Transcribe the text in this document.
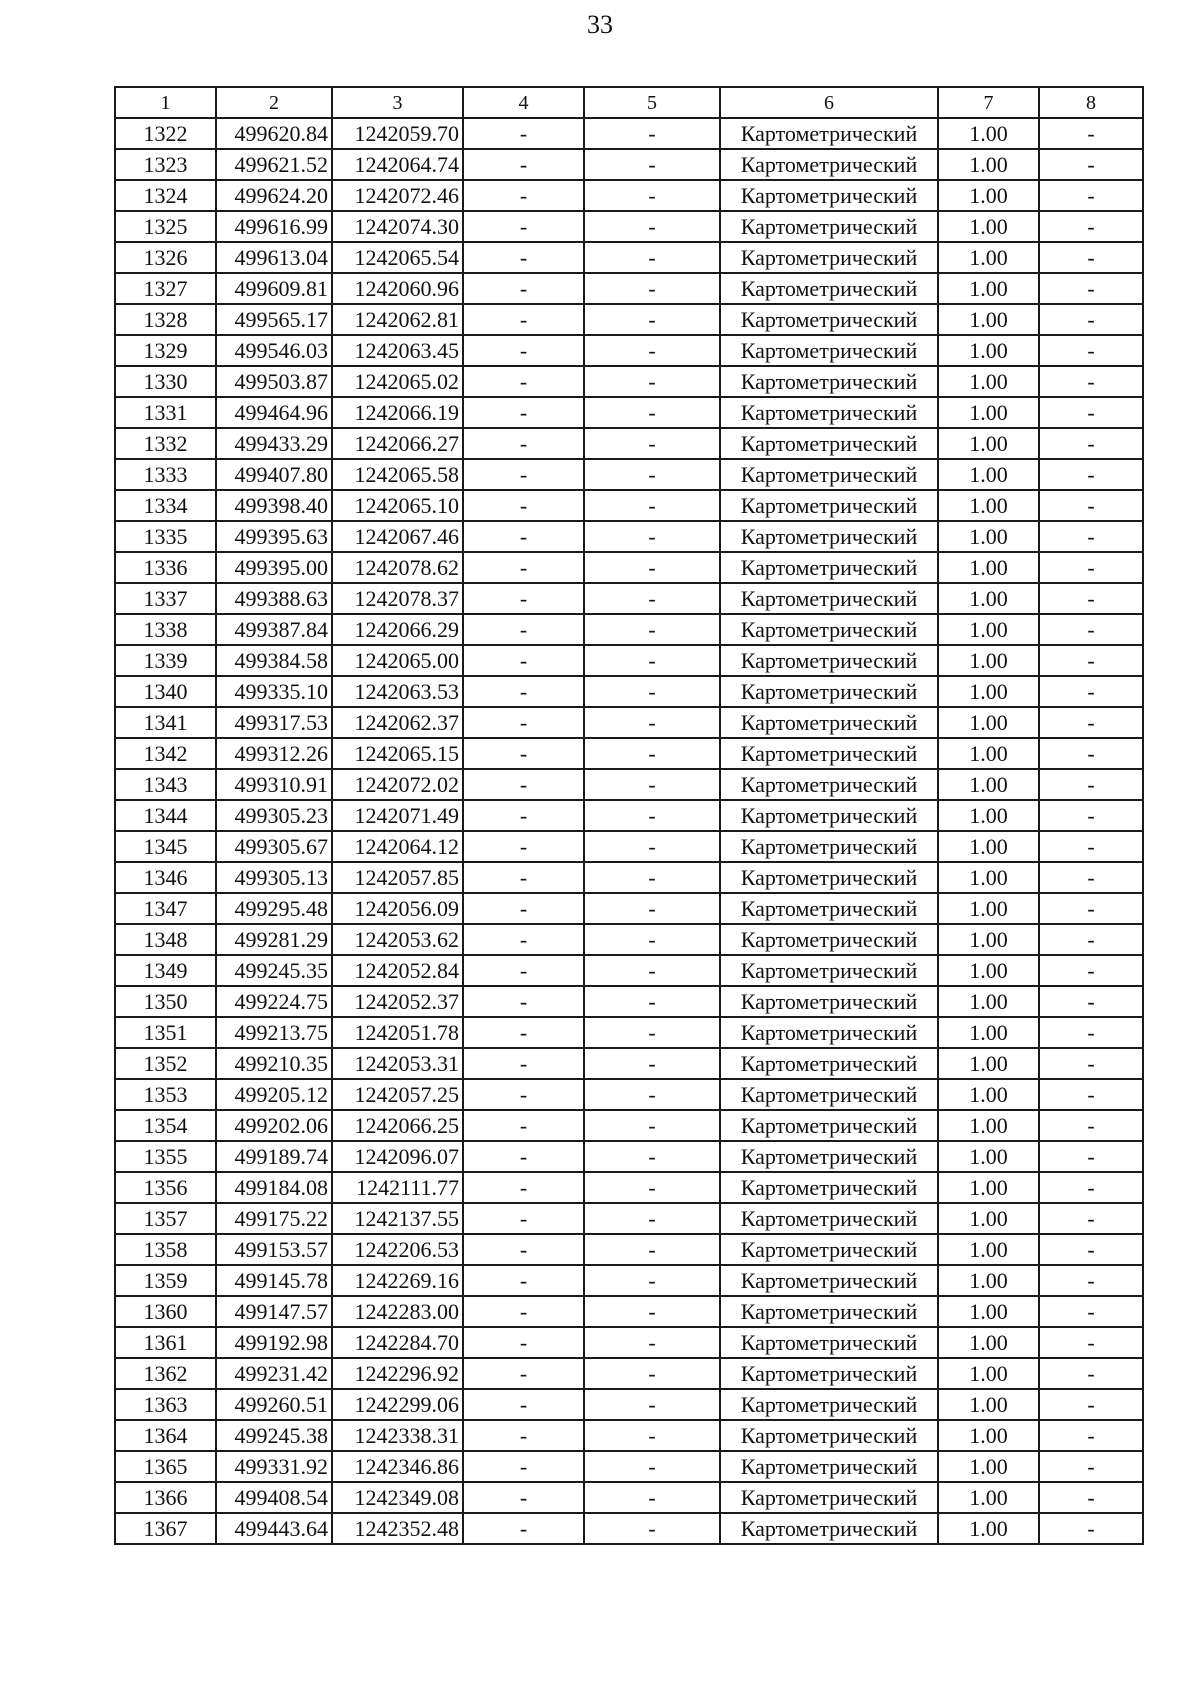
33
1	2	3	4	5	6	7	8
1322	499620.84	1242059.70	-	-	Картометрический	1.00	-
1323	499621.52	1242064.74	-	-	Картометрический	1.00	-
1324	499624.20	1242072.46	-	-	Картометрический	1.00	-
1325	499616.99	1242074.30	-	-	Картометрический	1.00	-
1326	499613.04	1242065.54	-	-	Картометрический	1.00	-
1327	499609.81	1242060.96	-	-	Картометрический	1.00	-
1328	499565.17	1242062.81	-	-	Картометрический	1.00	-
1329	499546.03	1242063.45	-	-	Картометрический	1.00	-
1330	499503.87	1242065.02	-	-	Картометрический	1.00	-
1331	499464.96	1242066.19	-	-	Картометрический	1.00	-
1332	499433.29	1242066.27	-	-	Картометрический	1.00	-
1333	499407.80	1242065.58	-	-	Картометрический	1.00	-
1334	499398.40	1242065.10	-	-	Картометрический	1.00	-
1335	499395.63	1242067.46	-	-	Картометрический	1.00	-
1336	499395.00	1242078.62	-	-	Картометрический	1.00	-
1337	499388.63	1242078.37	-	-	Картометрический	1.00	-
1338	499387.84	1242066.29	-	-	Картометрический	1.00	-
1339	499384.58	1242065.00	-	-	Картометрический	1.00	-
1340	499335.10	1242063.53	-	-	Картометрический	1.00	-
1341	499317.53	1242062.37	-	-	Картометрический	1.00	-
1342	499312.26	1242065.15	-	-	Картометрический	1.00	-
1343	499310.91	1242072.02	-	-	Картометрический	1.00	-
1344	499305.23	1242071.49	-	-	Картометрический	1.00	-
1345	499305.67	1242064.12	-	-	Картометрический	1.00	-
1346	499305.13	1242057.85	-	-	Картометрический	1.00	-
1347	499295.48	1242056.09	-	-	Картометрический	1.00	-
1348	499281.29	1242053.62	-	-	Картометрический	1.00	-
1349	499245.35	1242052.84	-	-	Картометрический	1.00	-
1350	499224.75	1242052.37	-	-	Картометрический	1.00	-
1351	499213.75	1242051.78	-	-	Картометрический	1.00	-
1352	499210.35	1242053.31	-	-	Картометрический	1.00	-
1353	499205.12	1242057.25	-	-	Картометрический	1.00	-
1354	499202.06	1242066.25	-	-	Картометрический	1.00	-
1355	499189.74	1242096.07	-	-	Картометрический	1.00	-
1356	499184.08	1242111.77	-	-	Картометрический	1.00	-
1357	499175.22	1242137.55	-	-	Картометрический	1.00	-
1358	499153.57	1242206.53	-	-	Картометрический	1.00	-
1359	499145.78	1242269.16	-	-	Картометрический	1.00	-
1360	499147.57	1242283.00	-	-	Картометрический	1.00	-
1361	499192.98	1242284.70	-	-	Картометрический	1.00	-
1362	499231.42	1242296.92	-	-	Картометрический	1.00	-
1363	499260.51	1242299.06	-	-	Картометрический	1.00	-
1364	499245.38	1242338.31	-	-	Картометрический	1.00	-
1365	499331.92	1242346.86	-	-	Картометрический	1.00	-
1366	499408.54	1242349.08	-	-	Картометрический	1.00	-
1367	499443.64	1242352.48	-	-	Картометрический	1.00	-
